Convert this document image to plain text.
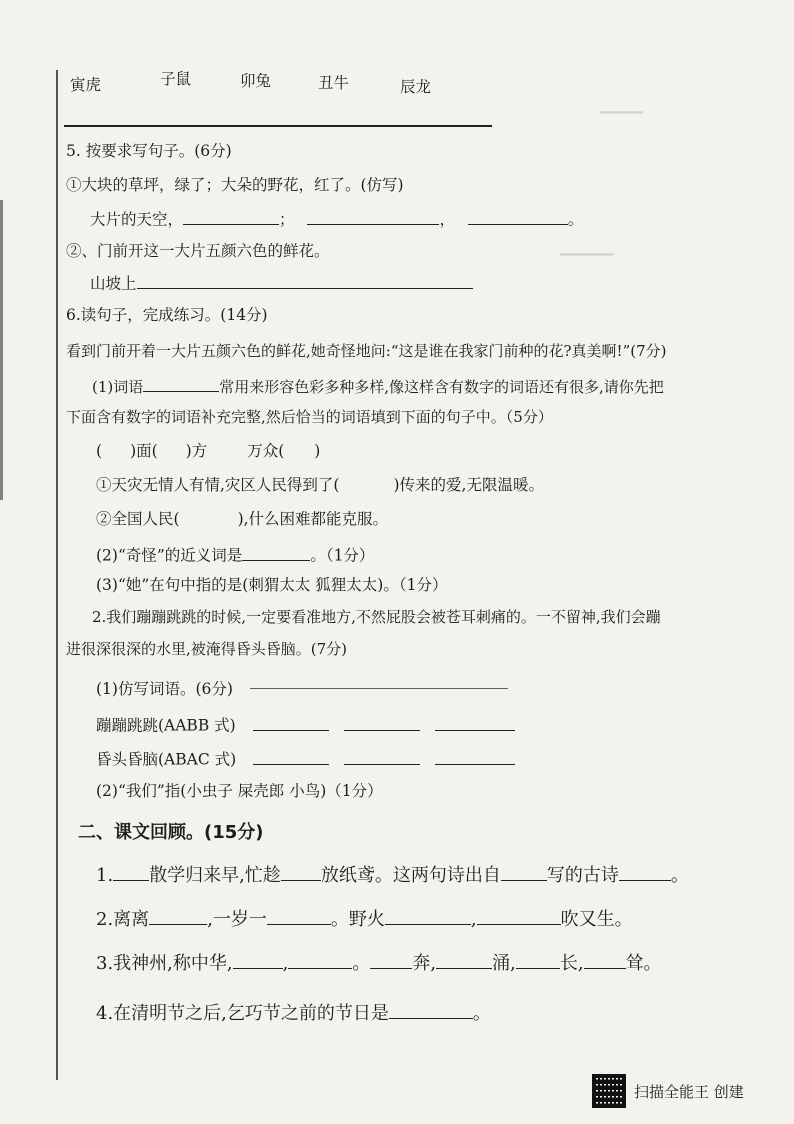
▁▁▁▁
▁▁▁▁▁
寅虎	子鼠	卯兔	丑牛	辰龙
5. 按要求写句子。(6分)
①大块的草坪，绿了；大朵的野花，红了。(仿写)
大片的天空，	；	，	。
②、门前开这一大片五颜六色的鲜花。
山坡上
6.读句子，完成练习。(14分)
看到门前开着一大片五颜六色的鲜花,她奇怪地问:“这是谁在我家门前种的花?真美啊!”(7分)
(1)词语	常用来形容色彩多种多样,像这样含有数字的词语还有很多,请你先把
下面含有数字的词语补充完整,然后恰当的词语填到下面的句子中。（5分）
( )面( )方	万众( )
①天灾无情人有情,灾区人民得到了(	)传来的爱,无限温暖。
②全国人民(	),什么困难都能克服。
(2)“奇怪”的近义词是	。（1分）
(3)“她”在句中指的是(刺猬太太 狐狸太太)。（1分）
2.我们蹦蹦跳跳的时候,一定要看准地方,不然屁股会被苍耳刺痛的。一不留神,我们会蹦
进很深很深的水里,被淹得昏头昏脑。(7分)
(1)仿写词语。(6分)
蹦蹦跳跳(AABB 式)
昏头昏脑(ABAC 式)
(2)“我们”指(小虫子 屎壳郎 小鸟)（1分）
二、课文回顾。(15分)
1. 散学归来早,忙趁 放纸鸢。这两句诗出自	写的古诗	。
2.离离	,一岁一	。野火	,	吹又生。
3.我神州,称中华,	,	。 奔,	涌, 长, 耸。
4.在清明节之后,乞巧节之前的节日是	。
扫描全能王 创建
